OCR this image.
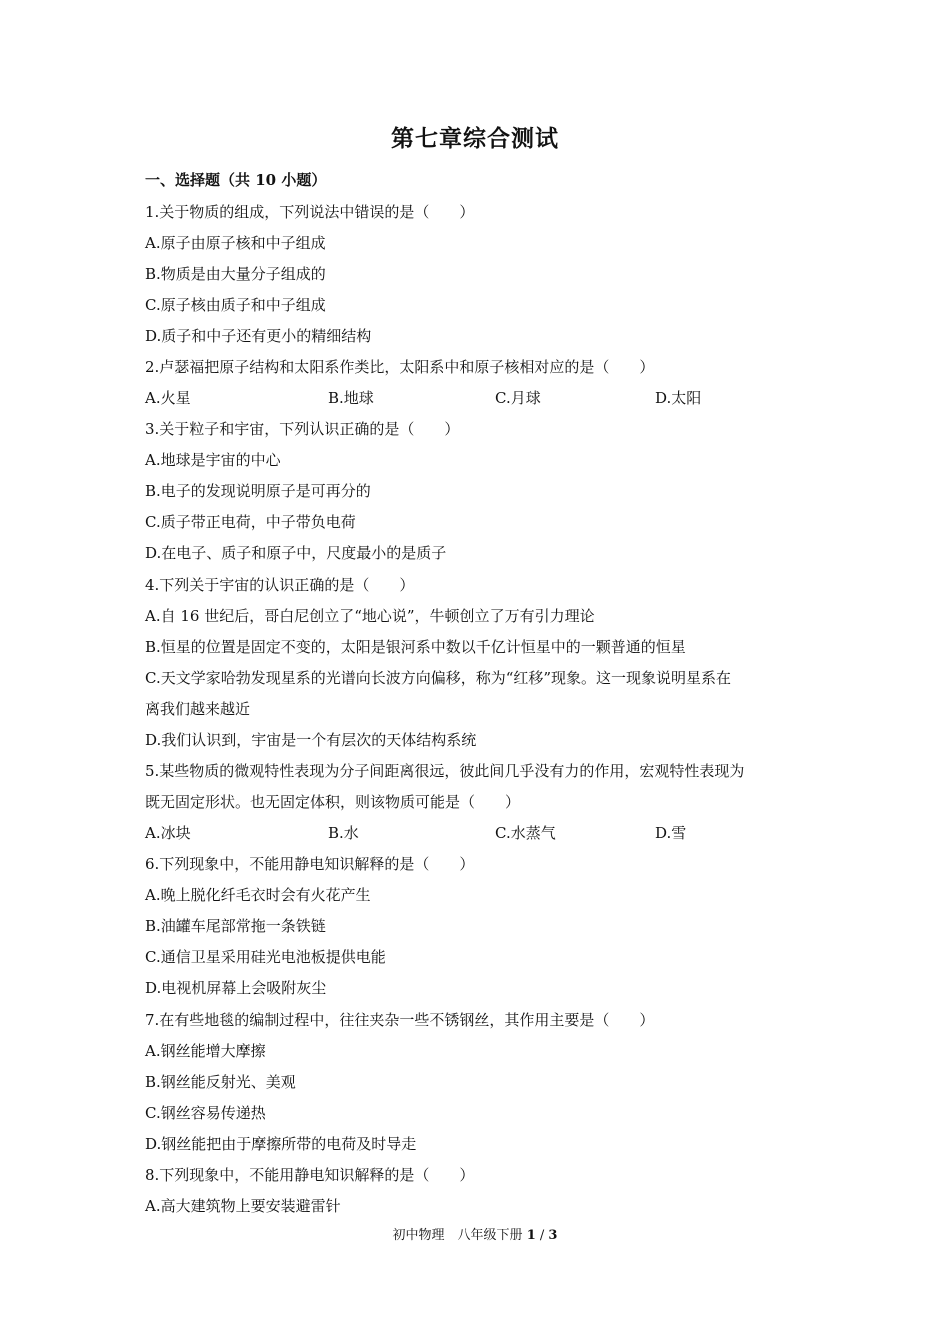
第七章综合测试
一、选择题（共 10 小题）
1.关于物质的组成，下列说法中错误的是（　　）
A.原子由原子核和中子组成
B.物质是由大量分子组成的
C.原子核由质子和中子组成
D.质子和中子还有更小的精细结构
2.卢瑟福把原子结构和太阳系作类比，太阳系中和原子核相对应的是（　　）
A.火星	B.地球	C.月球	D.太阳
3.关于粒子和宇宙，下列认识正确的是（　　）
A.地球是宇宙的中心
B.电子的发现说明原子是可再分的
C.质子带正电荷，中子带负电荷
D.在电子、质子和原子中，尺度最小的是质子
4.下列关于宇宙的认识正确的是（　　）
A.自 16 世纪后，哥白尼创立了“地心说”，牛顿创立了万有引力理论
B.恒星的位置是固定不变的，太阳是银河系中数以千亿计恒星中的一颗普通的恒星
C.天文学家哈勃发现星系的光谱向长波方向偏移，称为“红移”现象。这一现象说明星系在
离我们越来越近
D.我们认识到，宇宙是一个有层次的天体结构系统
5.某些物质的微观特性表现为分子间距离很远，彼此间几乎没有力的作用，宏观特性表现为
既无固定形状。也无固定体积，则该物质可能是（　　）
A.冰块	B.水	C.水蒸气	D.雪
6.下列现象中，不能用静电知识解释的是（　　）
A.晚上脱化纤毛衣时会有火花产生
B.油罐车尾部常拖一条铁链
C.通信卫星采用硅光电池板提供电能
D.电视机屏幕上会吸附灰尘
7.在有些地毯的编制过程中，往往夹杂一些不锈钢丝，其作用主要是（　　）
A.钢丝能增大摩擦
B.钢丝能反射光、美观
C.钢丝容易传递热
D.钢丝能把由于摩擦所带的电荷及时导走
8.下列现象中，不能用静电知识解释的是（　　）
A.高大建筑物上要安装避雷针
初中物理　八年级下册 1 / 3
